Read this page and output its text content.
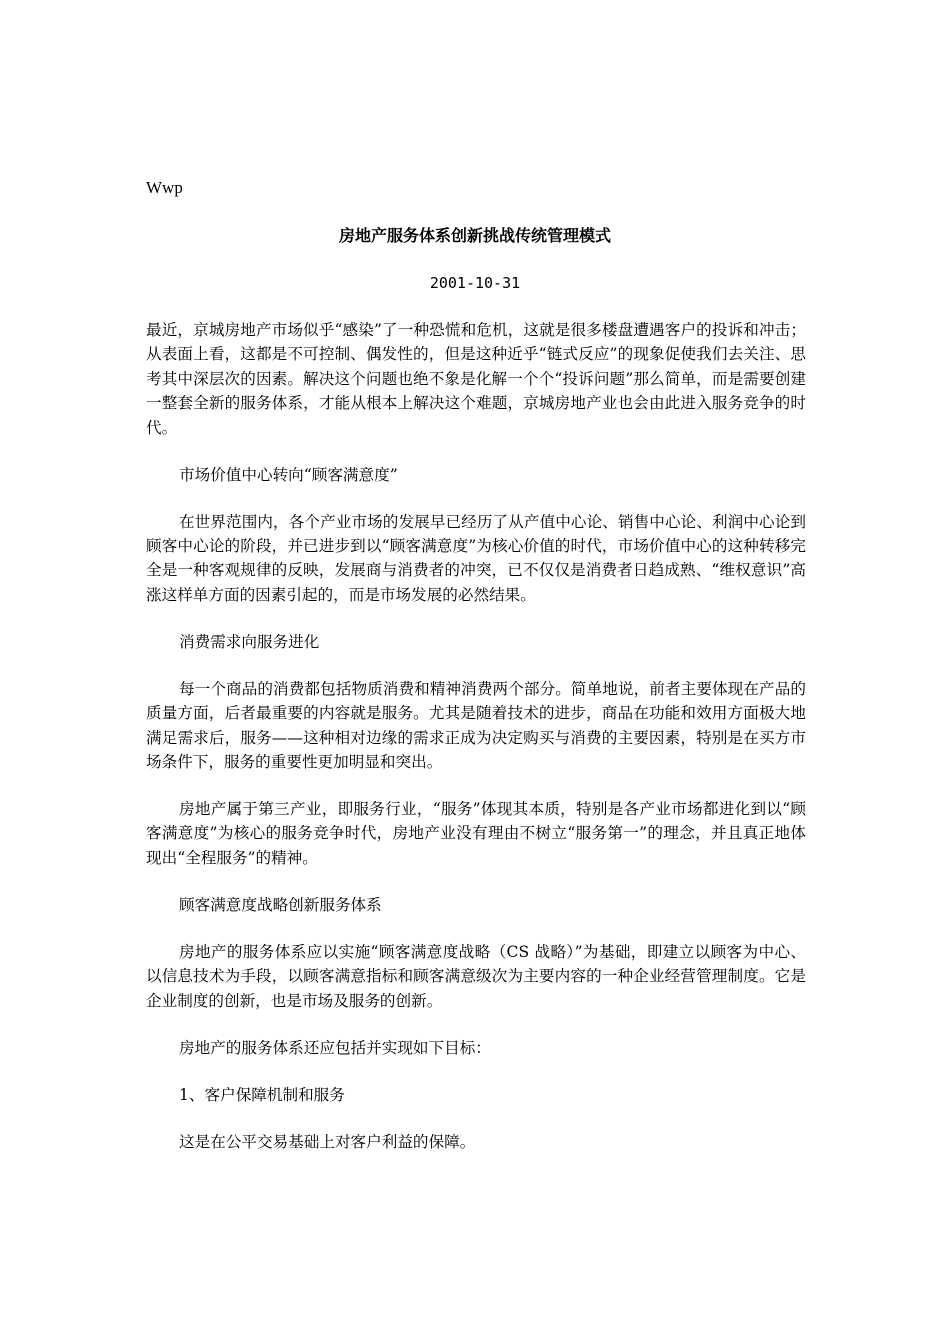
Wwp
房地产服务体系创新挑战传统管理模式
2001-10-31

最近，京城房地产市场似乎“感染”了一种恐慌和危机，这就是很多楼盘遭遇客户的投诉和冲击；从表面上看，这都是不可控制、偶发性的，但是这种近乎“链式反应”的现象促使我们去关注、思考其中深层次的因素。解决这个问题也绝不象是化解一个个“投诉问题”那么简单，而是需要创建一整套全新的服务体系，才能从根本上解决这个难题，京城房地产业也会由此进入服务竞争的时代。

市场价值中心转向“顾客满意度”

在世界范围内，各个产业市场的发展早已经历了从产值中心论、销售中心论、利润中心论到顾客中心论的阶段，并已进步到以“顾客满意度”为核心价值的时代，市场价值中心的这种转移完全是一种客观规律的反映，发展商与消费者的冲突，已不仅仅是消费者日趋成熟、“维权意识”高涨这样单方面的因素引起的，而是市场发展的必然结果。

消费需求向服务进化

每一个商品的消费都包括物质消费和精神消费两个部分。简单地说，前者主要体现在产品的质量方面，后者最重要的内容就是服务。尤其是随着技术的进步，商品在功能和效用方面极大地满足需求后，服务——这种相对边缘的需求正成为决定购买与消费的主要因素，特别是在买方市场条件下，服务的重要性更加明显和突出。

房地产属于第三产业，即服务行业，“服务”体现其本质，特别是各产业市场都进化到以“顾客满意度”为核心的服务竞争时代，房地产业没有理由不树立“服务第一”的理念，并且真正地体现出“全程服务”的精神。

顾客满意度战略创新服务体系

房地产的服务体系应以实施“顾客满意度战略（CS 战略）”为基础，即建立以顾客为中心、以信息技术为手段，以顾客满意指标和顾客满意级次为主要内容的一种企业经营管理制度。它是企业制度的创新，也是市场及服务的创新。

房地产的服务体系还应包括并实现如下目标：

1、客户保障机制和服务

这是在公平交易基础上对客户利益的保障。
